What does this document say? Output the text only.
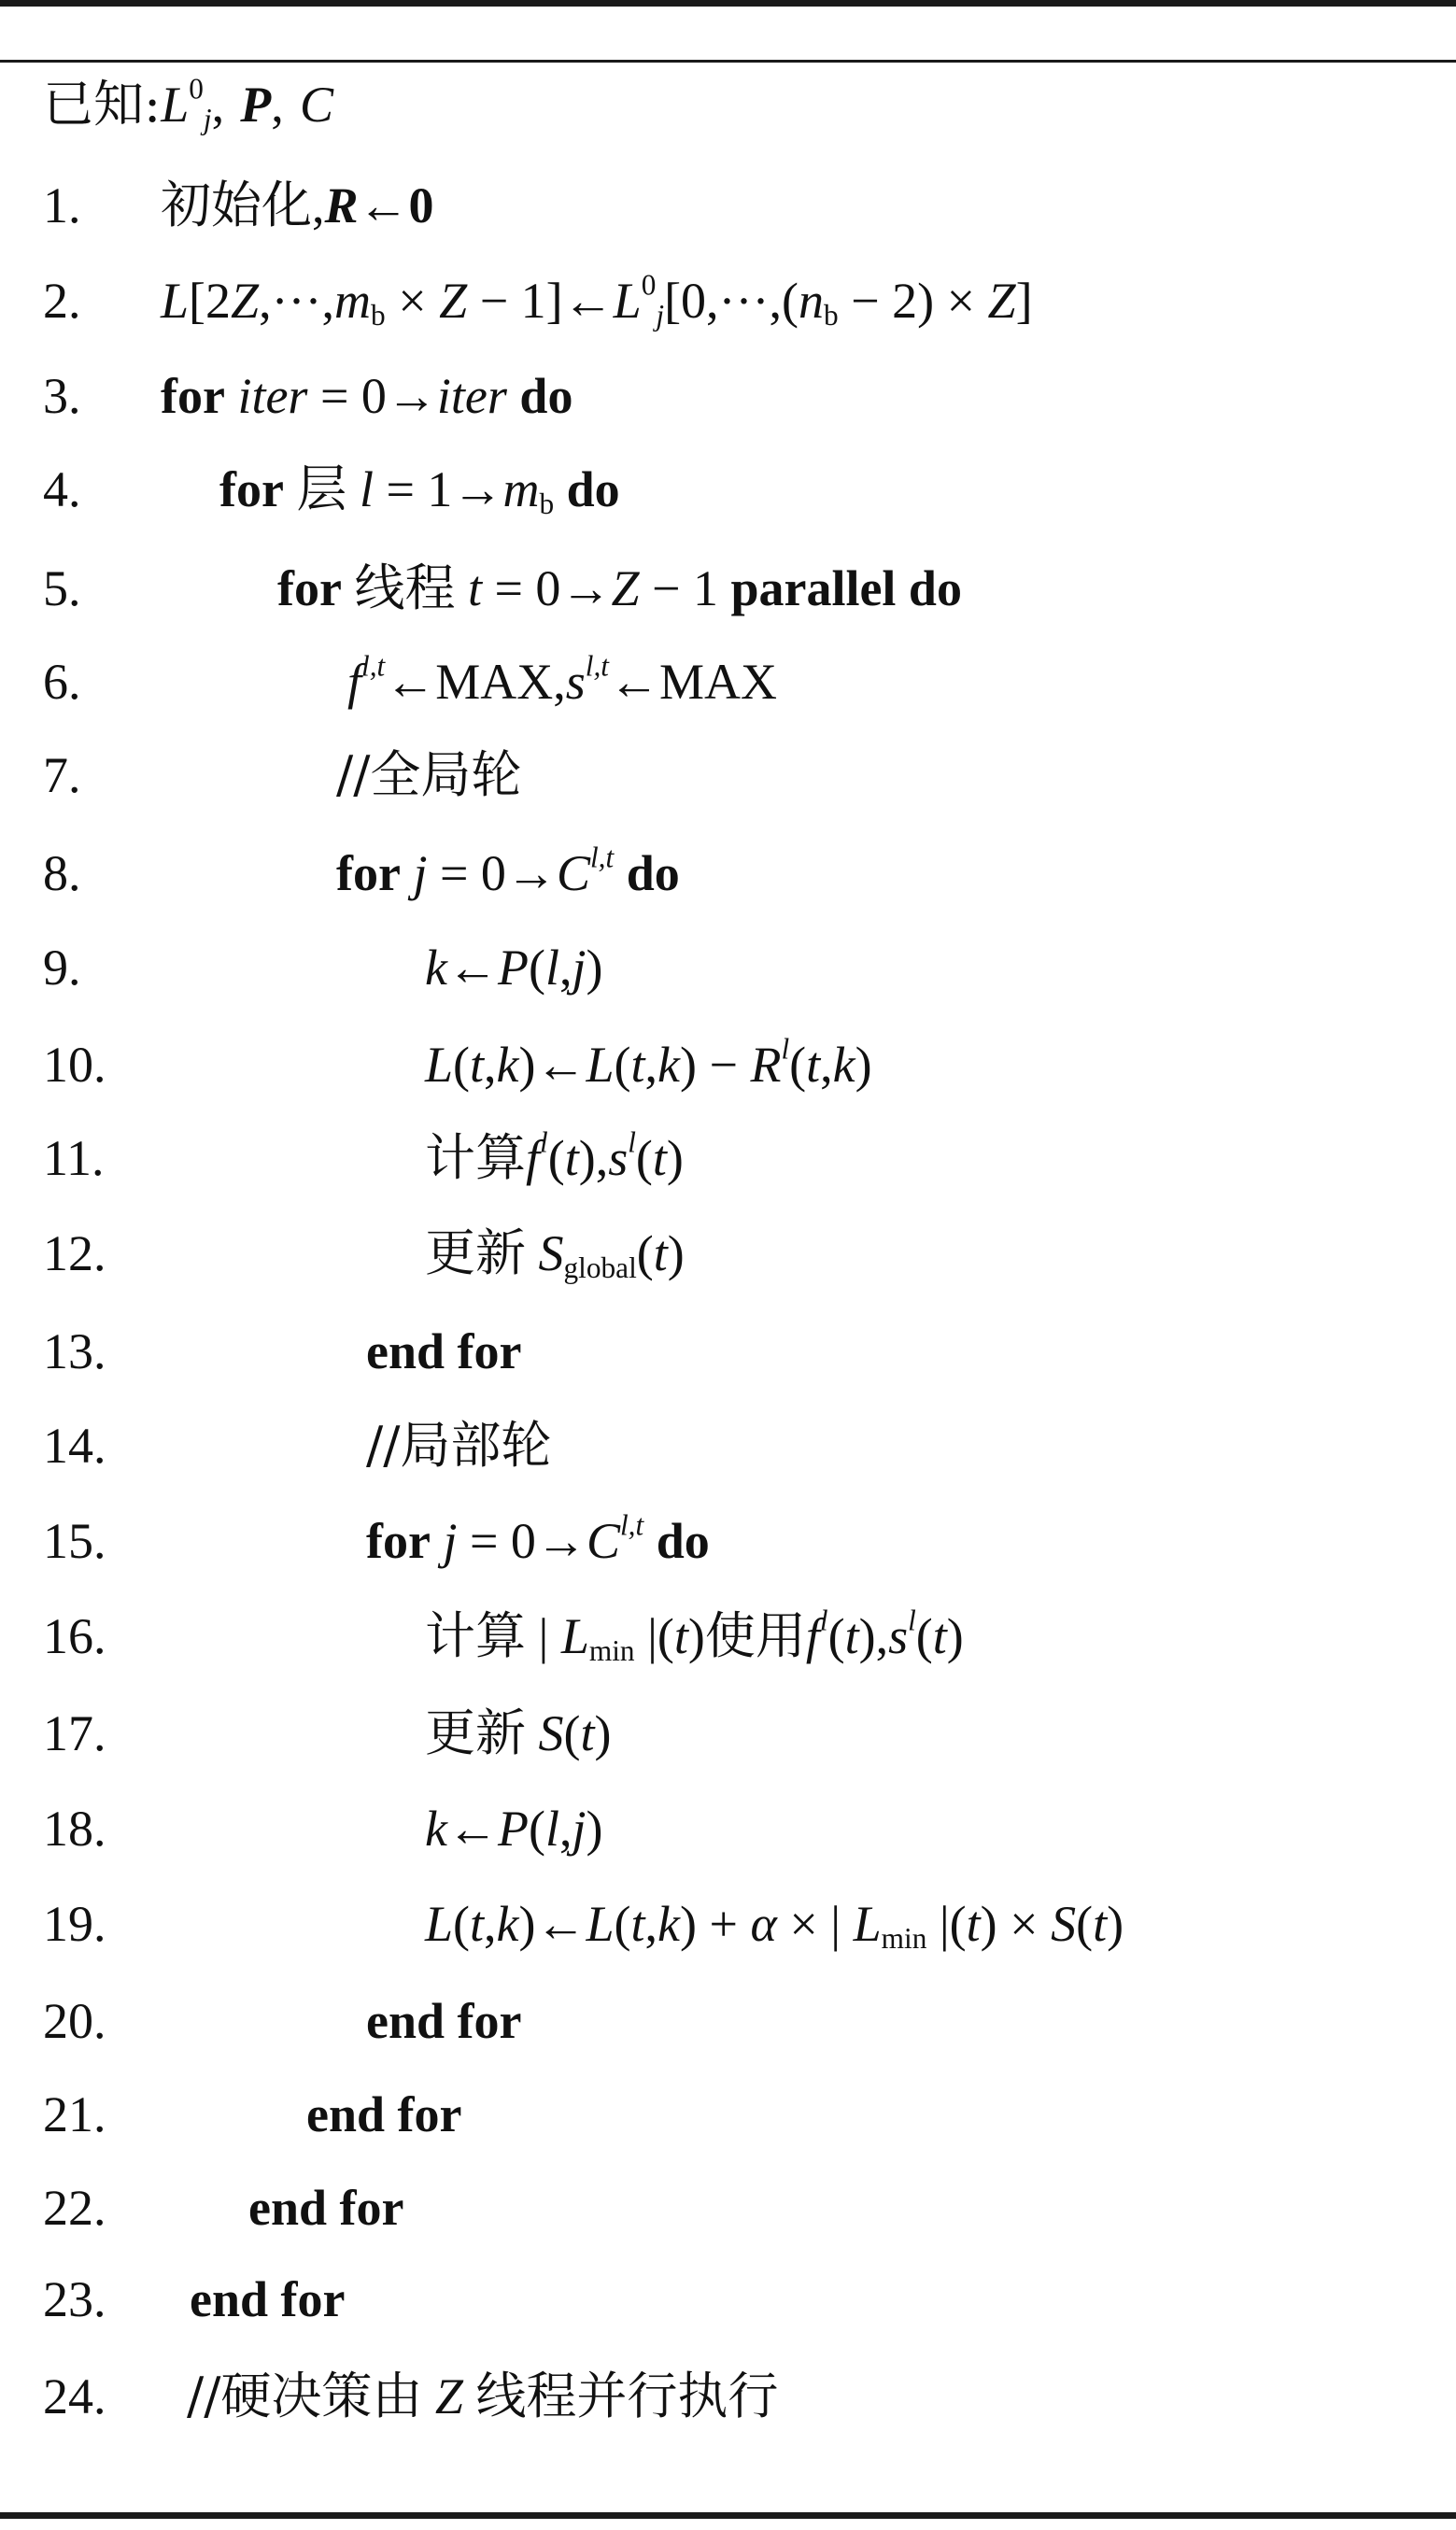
已知$:L^0_j$, P, C
1. 初始化,R←0
2. $L[2Z,\cdot\cdot\cdot,m_b \times Z$ − $1]\leftarrow L^0_j[0,\cdot\cdot\cdot,(n_b - 2) \times Z]$
3. for iter = 0→iter do
4.	for 层 $l = 1\to m_b$ do
5.	for 线程 t = 0→Z − 1 parallel do
6.	$f^{l,t}\leftarrow MAX,s^{l,t}\leftarrow MAX$
7.	//全局轮
8.	for $j = 0\to C^{l,t}$ do
9.	k←P(l,j)
10.	L(t,k)←L(t,k) − $R^l(t,k)$
11.	计算$f^l(t),s^l(t)$
12.	更新 $S_{global}(t)$
13.	end for
14.	//局部轮
15.	for $j = 0\to C^{l,t}$ do
16.	计算 | $L_{min}$ |(t)使用$f^l(t),s^l(t)$
17.	更新 S(t)
18.	k←P(l,j)
19.	L(t,k)←L(t,k) + α × | $L_{min}$ |(t) × S(t)
20.	end for
21.	end for
22.	end for
23. end for
24. //硬决策由 Z 线程并行执行
